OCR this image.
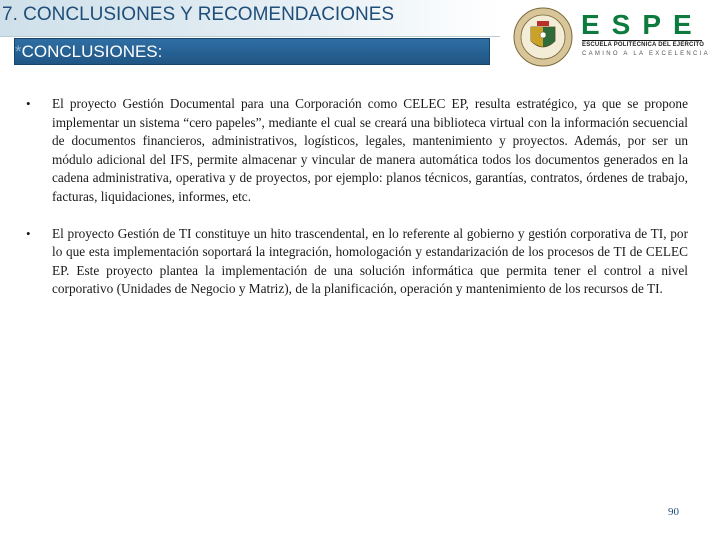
7. CONCLUSIONES Y RECOMENDACIONES
*CONCLUSIONES:
ESPE
ESCUELA POLITÉCNICA DEL EJÉRCITO
CAMINO A LA EXCELENCIA
• El proyecto Gestión Documental para una Corporación como CELEC EP, resulta estratégico, ya que se propone implementar un sistema “cero papeles”, mediante el cual se creará una biblioteca virtual con la información secuencial de documentos financieros, administrativos, logísticos, legales, mantenimiento y proyectos. Además, por ser un módulo adicional del IFS, permite almacenar y vincular de manera automática todos los documentos generados en la cadena administrativa, operativa y de proyectos, por ejemplo: planos técnicos, garantías, contratos, órdenes de trabajo, facturas, liquidaciones, informes, etc.
• El proyecto Gestión de TI constituye un hito trascendental, en lo referente al gobierno y gestión corporativa de TI, por lo que esta implementación soportará la integración, homologación y estandarización de los procesos de TI de CELEC EP. Este proyecto plantea la implementación de una solución informática que permita tener el control a nivel corporativo (Unidades de Negocio y Matriz), de la planificación, operación y mantenimiento de los recursos de TI.
90
